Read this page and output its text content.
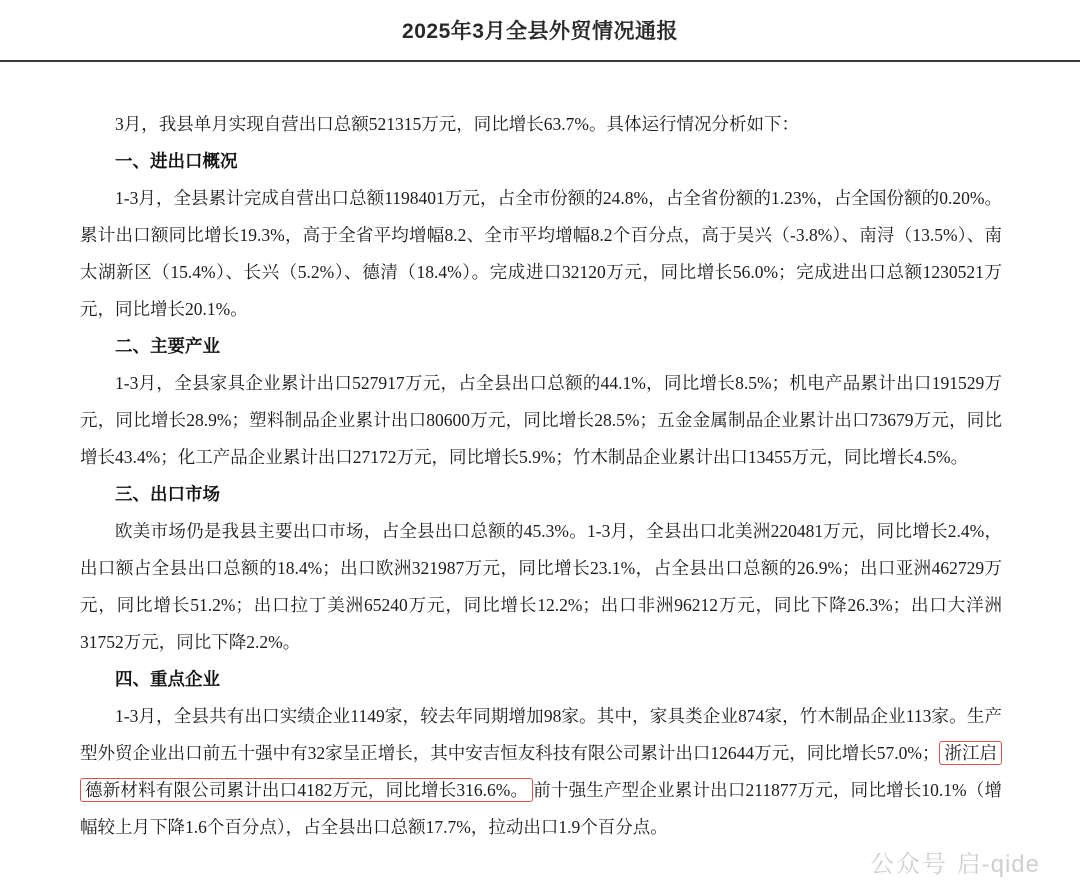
2025年3月全县外贸情况通报

3月，我县单月实现自营出口总额521315万元，同比增长63.7%。具体运行情况分析如下：

一、进出口概况

1-3月，全县累计完成自营出口总额1198401万元，占全市份额的24.8%，占全省份额的1.23%，占全国份额的0.20%。累计出口额同比增长19.3%，高于全省平均增幅8.2、全市平均增幅8.2个百分点，高于吴兴（-3.8%）、南浔（13.5%）、南太湖新区（15.4%）、长兴（5.2%）、德清（18.4%）。完成进口32120万元，同比增长56.0%；完成进出口总额1230521万元，同比增长20.1%。

二、主要产业

1-3月，全县家具企业累计出口527917万元，占全县出口总额的44.1%，同比增长8.5%；机电产品累计出口191529万元，同比增长28.9%；塑料制品企业累计出口80600万元，同比增长28.5%；五金金属制品企业累计出口73679万元，同比增长43.4%；化工产品企业累计出口27172万元，同比增长5.9%；竹木制品企业累计出口13455万元，同比增长4.5%。

三、出口市场

欧美市场仍是我县主要出口市场，占全县出口总额的45.3%。1-3月，全县出口北美洲220481万元，同比增长2.4%，出口额占全县出口总额的18.4%；出口欧洲321987万元，同比增长23.1%，占全县出口总额的26.9%；出口亚洲462729万元，同比增长51.2%；出口拉丁美洲65240万元，同比增长12.2%；出口非洲96212万元，同比下降26.3%；出口大洋洲31752万元，同比下降2.2%。

四、重点企业

1-3月，全县共有出口实绩企业1149家，较去年同期增加98家。其中，家具类企业874家，竹木制品企业113家。生产型外贸企业出口前五十强中有32家呈正增长，其中安吉恒友科技有限公司累计出口12644万元，同比增长57.0%； 浙江启德新材料有限公司累计出口4182万元，同比增长316.6%。 前十强生产型企业累计出口211877万元，同比增长10.1%（增幅较上月下降1.6个百分点），占全县出口总额17.7%，拉动出口1.9个百分点。

公众号 启-qide
